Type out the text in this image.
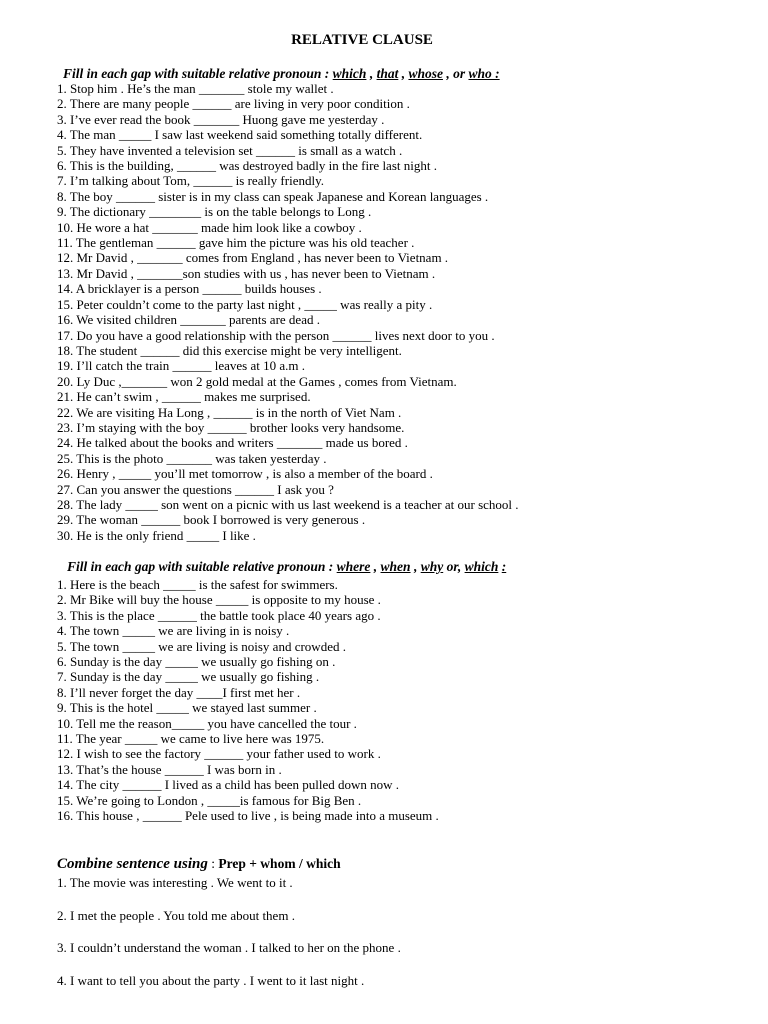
RELATIVE CLAUSE
Fill in each gap with suitable relative pronoun : which , that , whose , or who :
1. Stop him . He’s the man _______ stole my wallet .
2. There are many people ______ are living in very poor condition .
3. I’ve ever read the book _______ Huong gave me yesterday .
4. The man _____ I saw last weekend said something totally different.
5. They have invented a television set ______ is small as a watch .
6. This is the building, ______ was destroyed badly in the fire last night .
7. I’m talking about Tom, ______ is really friendly.
8. The boy ______ sister is in my class can speak Japanese and Korean languages .
9. The dictionary ________ is on the table belongs to Long .
10. He wore a hat _______ made him look like a cowboy .
11. The gentleman ______ gave him the picture was his old teacher .
12. Mr David , _______ comes from England , has never been to Vietnam .
13. Mr David , _______son studies with us , has never been to Vietnam .
14. A bricklayer is a person ______ builds houses .
15. Peter couldn’t come to the party last night , _____ was really a pity .
16. We visited children _______ parents are dead .
17. Do you have a good relationship with the person ______ lives next door to you .
18. The student ______ did this exercise might be very intelligent.
19. I’ll catch the train ______ leaves at 10 a.m .
20. Ly Duc ,_______ won 2 gold medal at the Games , comes from Vietnam.
21. He can’t swim , ______ makes me surprised.
22. We are visiting Ha Long , ______ is in the north of Viet Nam .
23. I’m staying with the boy ______ brother looks very handsome.
24. He talked about the books and writers _______ made us bored .
25. This is the photo _______ was taken yesterday .
26. Henry , _____ you’ll met tomorrow , is also a member of the board .
27. Can you answer the questions ______ I ask you ?
28. The lady _____ son went on a picnic with us last weekend is a teacher at our school .
29. The woman ______ book I borrowed is very generous .
30. He is the only friend _____ I like .
Fill in each gap with suitable relative pronoun : where , when , why or, which :
1. Here is the beach _____ is the safest for swimmers.
2. Mr Bike will buy the house _____ is opposite to my house .
3. This is the place ______ the battle took place 40 years ago .
4. The town _____ we are living in is noisy .
5. The town _____ we are living is noisy and crowded .
6. Sunday is the day _____ we usually go fishing on .
7. Sunday is the day _____ we usually go fishing .
8. I’ll never forget the day ____I first met her .
9. This is the hotel _____ we stayed last summer .
10. Tell me the reason_____ you have cancelled the tour .
11. The year _____ we came to live here was 1975.
12. I wish to see the factory ______ your father used to work .
13. That’s the house ______ I was born in .
14. The city ______ I lived as a child has been pulled down now .
15. We’re going to London , _____is famous for Big Ben .
16. This house , ______ Pele used to live , is being made into a museum .
Combine sentence using : Prep + whom / which
1. The movie was interesting . We went to it .
2. I met the people . You told me about them .
3. I couldn’t understand the woman . I talked to her on the phone .
4. I want to tell you about the party . I went to it last night .
